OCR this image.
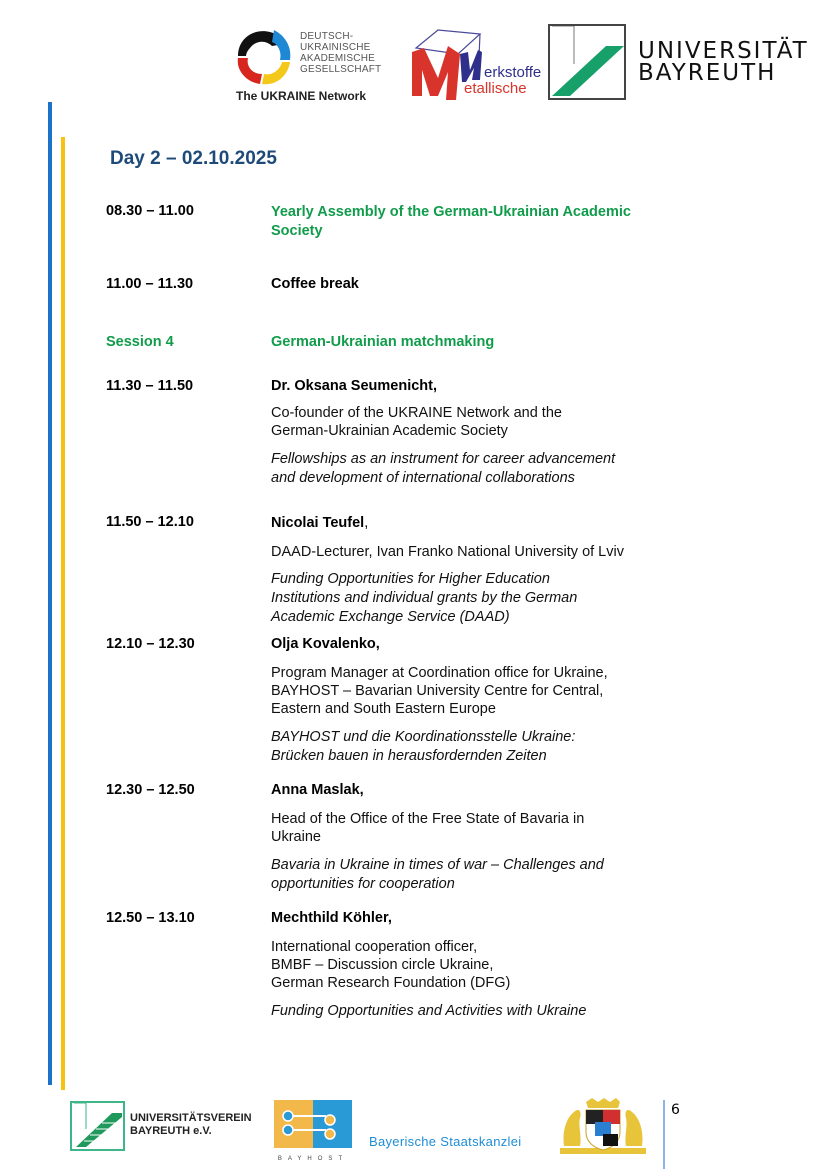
DEUTSCH-
UKRAINISCHE
AKADEMISCHE
GESELLSCHAFT
The UKRAINE Network
erkstoffe
etallische
UNIVERSITÄT
BAYREUTH
Day 2 – 02.10.2025
08.30 – 11.00	Yearly Assembly of the German-Ukrainian Academic Society
11.00 – 11.30	Coffee break
Session 4	German-Ukrainian matchmaking
11.30 – 11.50	Dr. Oksana Seumenicht,
Co-founder of the UKRAINE Network and the German-Ukrainian Academic Society
Fellowships as an instrument for career advancement and development of international collaborations
11.50 – 12.10	Nicolai Teufel,
DAAD-Lecturer, Ivan Franko National University of Lviv
Funding Opportunities for Higher Education Institutions and individual grants by the German Academic Exchange Service (DAAD)
12.10 – 12.30	Olja Kovalenko,
Program Manager at Coordination office for Ukraine, BAYHOST – Bavarian University Centre for Central, Eastern and South Eastern Europe
BAYHOST und die Koordinationsstelle Ukraine: Brücken bauen in herausfordernden Zeiten
12.30 – 12.50	Anna Maslak,
Head of the Office of the Free State of Bavaria in Ukraine
Bavaria in Ukraine in times of war – Challenges and opportunities for cooperation
12.50 – 13.10	Mechthild Köhler,
International cooperation officer,
BMBF – Discussion circle Ukraine,
German Research Foundation (DFG)
Funding Opportunities and Activities with Ukraine
UNIVERSITÄTSVEREIN
BAYREUTH e.V.
BAYHOST
Bayerische Staatskanzlei
6
